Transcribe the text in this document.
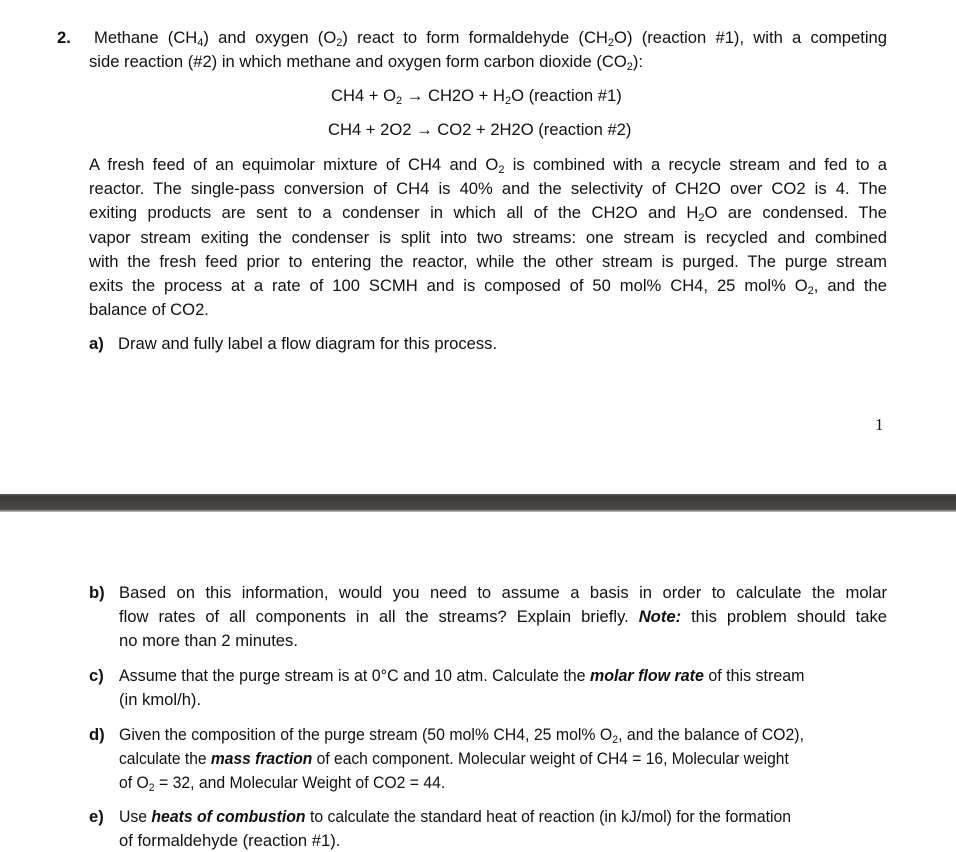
2. Methane $(CH_4)$ and oxygen $(O_2)$ react to form formaldehyde $(CH_2O)$ (reaction #1), with a competing
side reaction (#2) in which methane and oxygen form carbon dioxide $(CO_2)$:
$CH4 + O_2 \to CH2O + H_2O$ (reaction #1)
CH4 + 2O2 → CO2 + 2H2O (reaction #2)
A fresh feed of an equimolar mixture of CH4 and $O_2$ is combined with a recycle stream and fed to a
reactor. The single-pass conversion of CH4 is 40% and the selectivity of CH2O over CO2 is 4. The
exiting products are sent to a condenser in which all of the CH2O and $H_2O$ are condensed. The
vapor stream exiting the condenser is split into two streams: one stream is recycled and combined
with the fresh feed prior to entering the reactor, while the other stream is purged. The purge stream
exits the process at a rate of 100 SCMH and is composed of 50 mol% CH4, 25 mol% $O_2$, and the
balance of CO2.
a) Draw and fully label a flow diagram for this process.
1
b) Based on this information, would you need to assume a basis in order to calculate the molar
flow rates of all components in all the streams? Explain briefly. Note: this problem should take
no more than 2 minutes.
c) Assume that the purge stream is at 0°C and 10 atm. Calculate the molar flow rate of this stream
(in kmol/h).
d) Given the composition of the purge stream (50 mol% CH4, 25 mol% $O_2$, and the balance of CO2),
calculate the mass fraction of each component. Molecular weight of CH4 = 16, Molecular weight
of $O_2 = 32$, and Molecular Weight of CO2 = 44.
e) Use heats of combustion to calculate the standard heat of reaction (in kJ/mol) for the formation
of formaldehyde (reaction #1).
